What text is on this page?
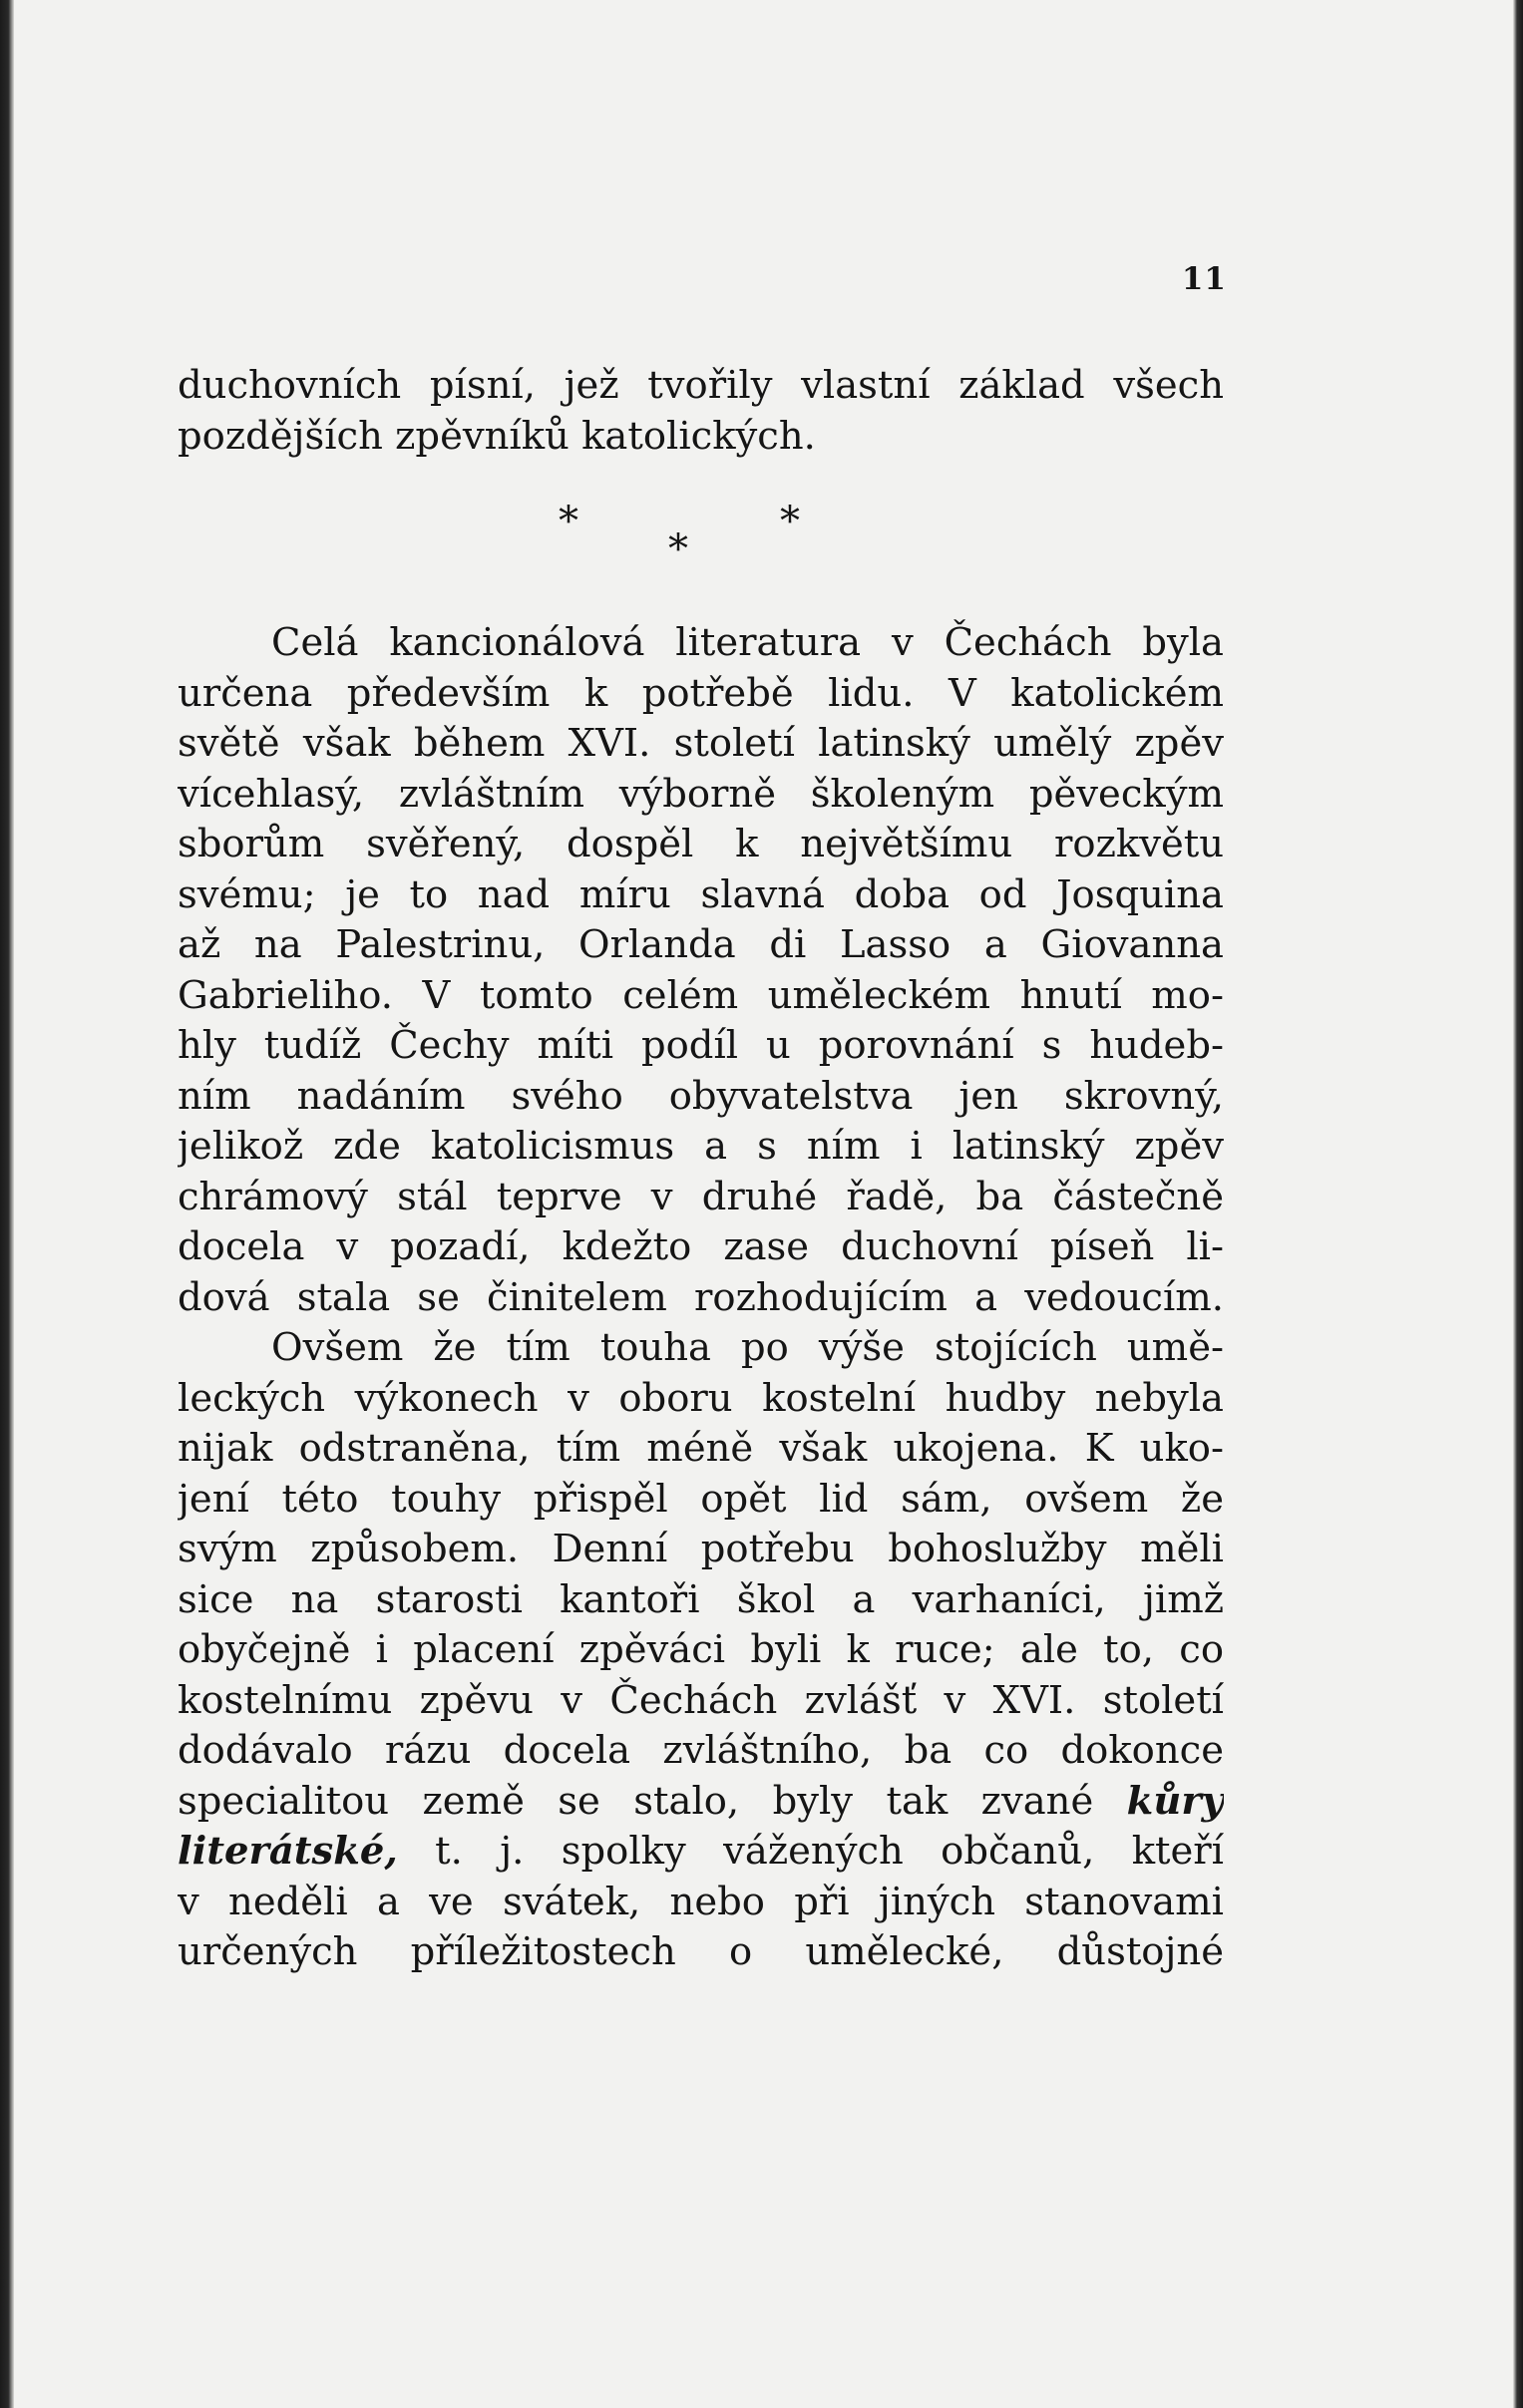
11
duchovních písní, jež tvořily vlastní základ všech
pozdějších zpěvníků katolických.
*	*
*
Celá kancionálová literatura v Čechách byla
určena především k potřebě lidu. V katolickém
světě však během XVI. století latinský umělý zpěv
vícehlasý, zvláštním výborně školeným pěveckým
sborům svěřený, dospěl k největšímu rozkvětu
svému; je to nad míru slavná doba od Josquina
až na Palestrinu, Orlanda di Lasso a Giovanna
Gabrieliho. V tomto celém uměleckém hnutí mo-
hly tudíž Čechy míti podíl u porovnání s hudeb-
ním nadáním svého obyvatelstva jen skrovný,
jelikož zde katolicismus a s ním i latinský zpěv
chrámový stál teprve v druhé řadě, ba částečně
docela v pozadí, kdežto zase duchovní píseň li-
dová stala se činitelem rozhodujícím a vedoucím.
Ovšem že tím touha po výše stojících umě-
leckých výkonech v oboru kostelní hudby nebyla
nijak odstraněna, tím méně však ukojena. K uko-
jení této touhy přispěl opět lid sám, ovšem že
svým způsobem. Denní potřebu bohoslužby měli
sice na starosti kantoři škol a varhaníci, jimž
obyčejně i placení zpěváci byli k ruce; ale to, co
kostelnímu zpěvu v Čechách zvlášť v XVI. století
dodávalo rázu docela zvláštního, ba co dokonce
specialitou země se stalo, byly tak zvané kůry
literátské, t. j. spolky vážených občanů, kteří
v neděli a ve svátek, nebo při jiných stanovami
určených příležitostech o umělecké, důstojné
